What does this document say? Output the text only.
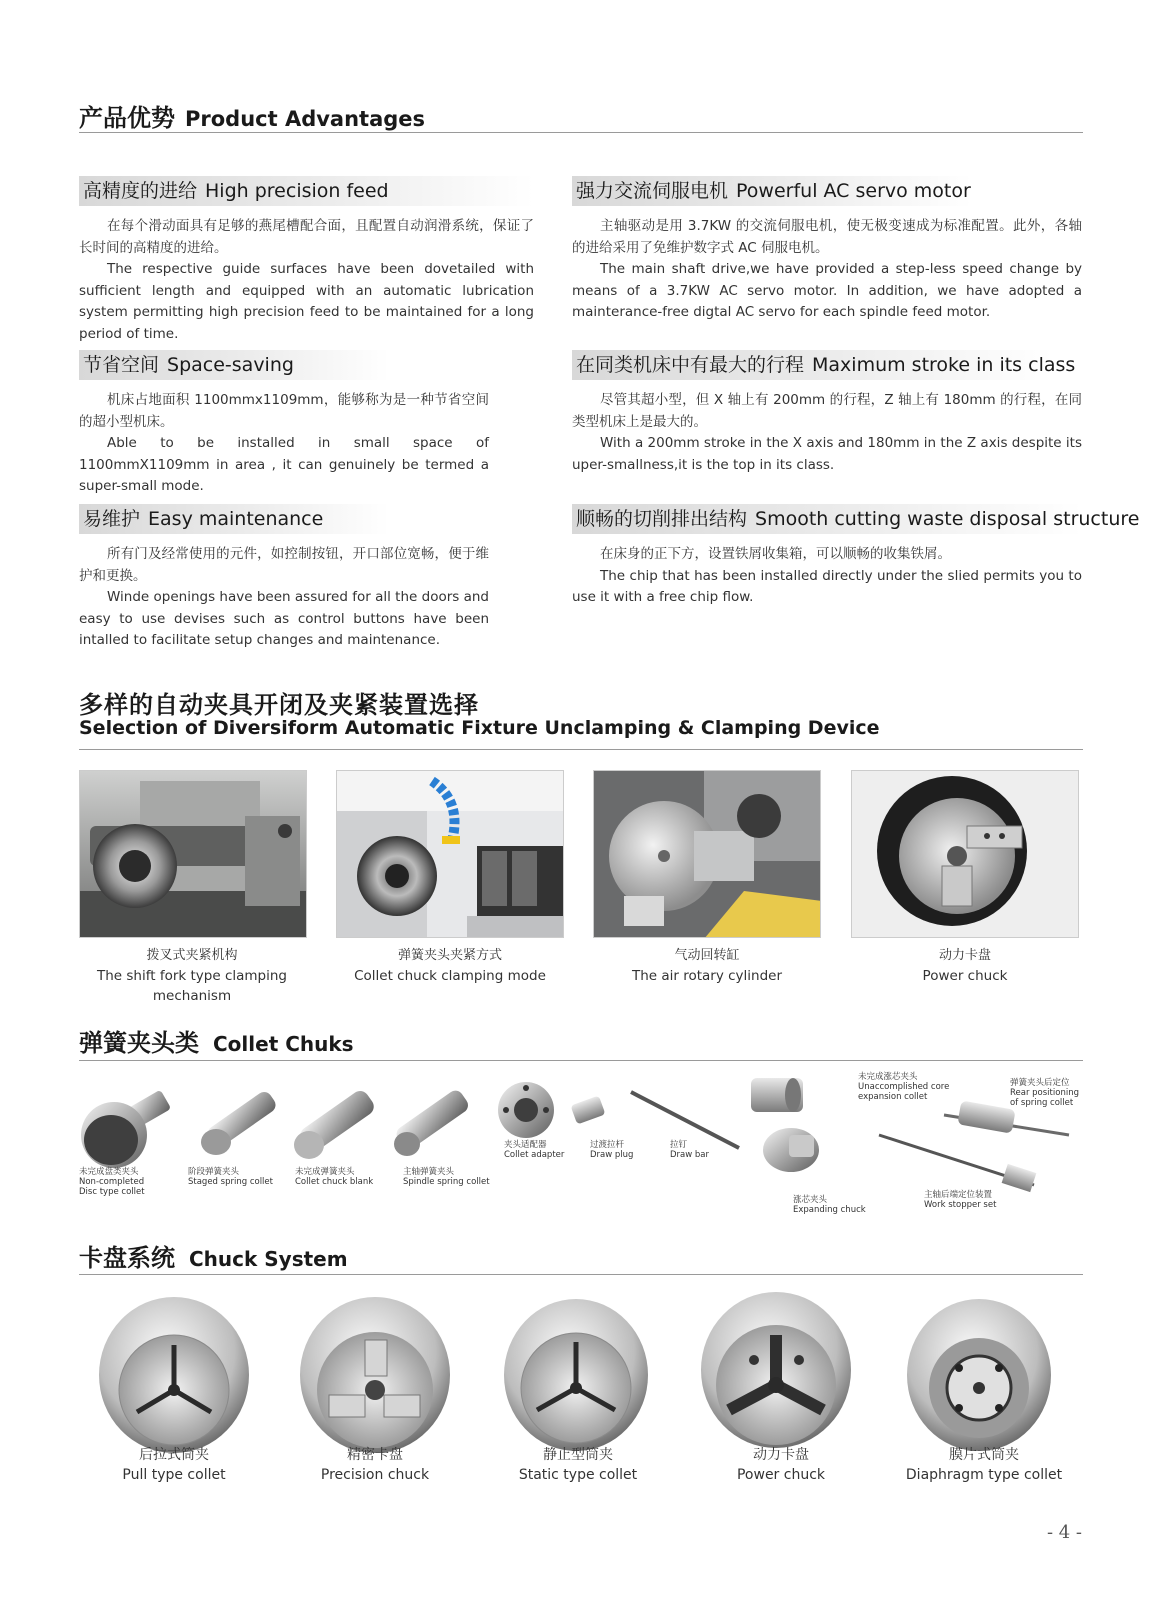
产品优势 Product Advantages
高精度的进给 High precision feed

在每个滑动面具有足够的燕尾槽配合面，且配置自动润滑系统，保证了长时间的高精度的进给。

The respective guide surfaces have been dovetailed with sufficient length and equipped with an automatic lubrication system permitting high precision feed to be maintained for a long period of time.

节省空间 Space-saving

机床占地面积 1100mmx1109mm，能够称为是一种节省空间的超小型机床。

Able to be installed in small space of 1100mmX1109mm in area , it can genuinely be termed a super-small mode.

易维护 Easy maintenance

所有门及经常使用的元件，如控制按钮，开口部位宽畅，便于维护和更换。

Winde openings have been assured for all the doors and easy to use devises such as control buttons have been intalled to facilitate setup changes and maintenance.

强力交流伺服电机 Powerful AC servo motor

主轴驱动是用 3.7KW 的交流伺服电机，使无极变速成为标准配置。此外，各轴的进给采用了免维护数字式 AC 伺服电机。

The main shaft drive,we have provided a step-less speed change by means of a 3.7KW AC servo motor. In addition, we have adopted a mainterance-free digtal AC servo for each spindle feed motor.

在同类机床中有最大的行程 Maximum stroke in its class

尽管其超小型，但 X 轴上有 200mm 的行程，Z 轴上有 180mm 的行程，在同类型机床上是最大的。

With a 200mm stroke in the X axis and 180mm in the Z axis despite its uper-smallness,it is the top in its class.

顺畅的切削排出结构 Smooth cutting waste disposal structure

在床身的正下方，设置铁屑收集箱，可以顺畅的收集铁屑。

The chip that has been installed directly under the slied permits you to use it with a free chip flow.

多样的自动夹具开闭及夹紧装置选择
Selection of Diversiform Automatic Fixture Unclamping & Clamping Device
拨叉式夹紧机构
The shift fork type clamping mechanism
弹簧夹头夹紧方式
Collet chuck clamping mode
气动回转缸
The air rotary cylinder
动力卡盘
Power chuck
弹簧夹头类 Collet Chuks
未完成盘类夹头
Non-completed
Disc type collet
阶段弹簧夹头
Staged spring collet
未完成弹簧夹头
Collet chuck blank
主轴弹簧夹头
Spindle spring collet
夹头适配器
Collet adapter
过渡拉杆
Draw plug
拉钉
Draw bar
未完成涨芯夹头
Unaccomplished core
expansion collet
弹簧夹头后定位
Rear positioning
of spring collet
涨芯夹头
Expanding chuck
主轴后端定位装置
Work stopper set
卡盘系统 Chuck System
后拉式筒夹
Pull type collet
精密卡盘
Precision chuck
静止型筒夹
Static type collet
动力卡盘
Power chuck
膜片式筒夹
Diaphragm type collet
- 4 -
